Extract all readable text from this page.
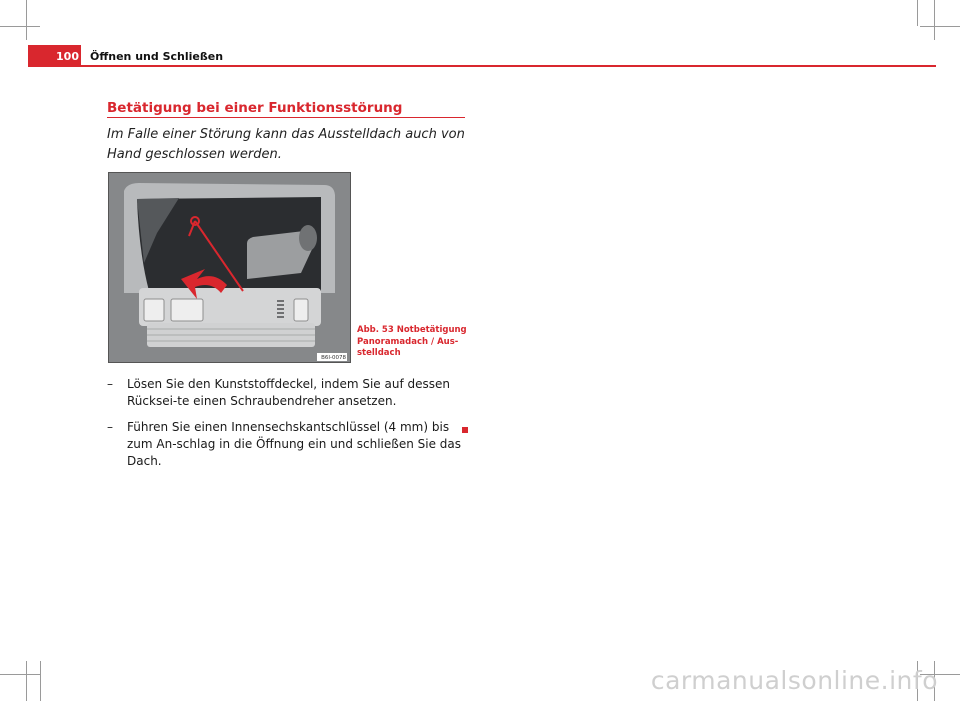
100 Öffnen und Schließen
Betätigung bei einer Funktionsstörung
Im Falle einer Störung kann das Ausstelldach auch von Hand geschlossen werden.
B6I-0078
Abb. 53 Notbetätigung Panoramadach / Aus-stelldach
– Lösen Sie den Kunststoffdeckel, indem Sie auf dessen Rücksei-te einen Schraubendreher ansetzen.
– Führen Sie einen Innensechskantschlüssel (4 mm) bis zum An-schlag in die Öffnung ein und schließen Sie das Dach.
carmanualsonline.info
